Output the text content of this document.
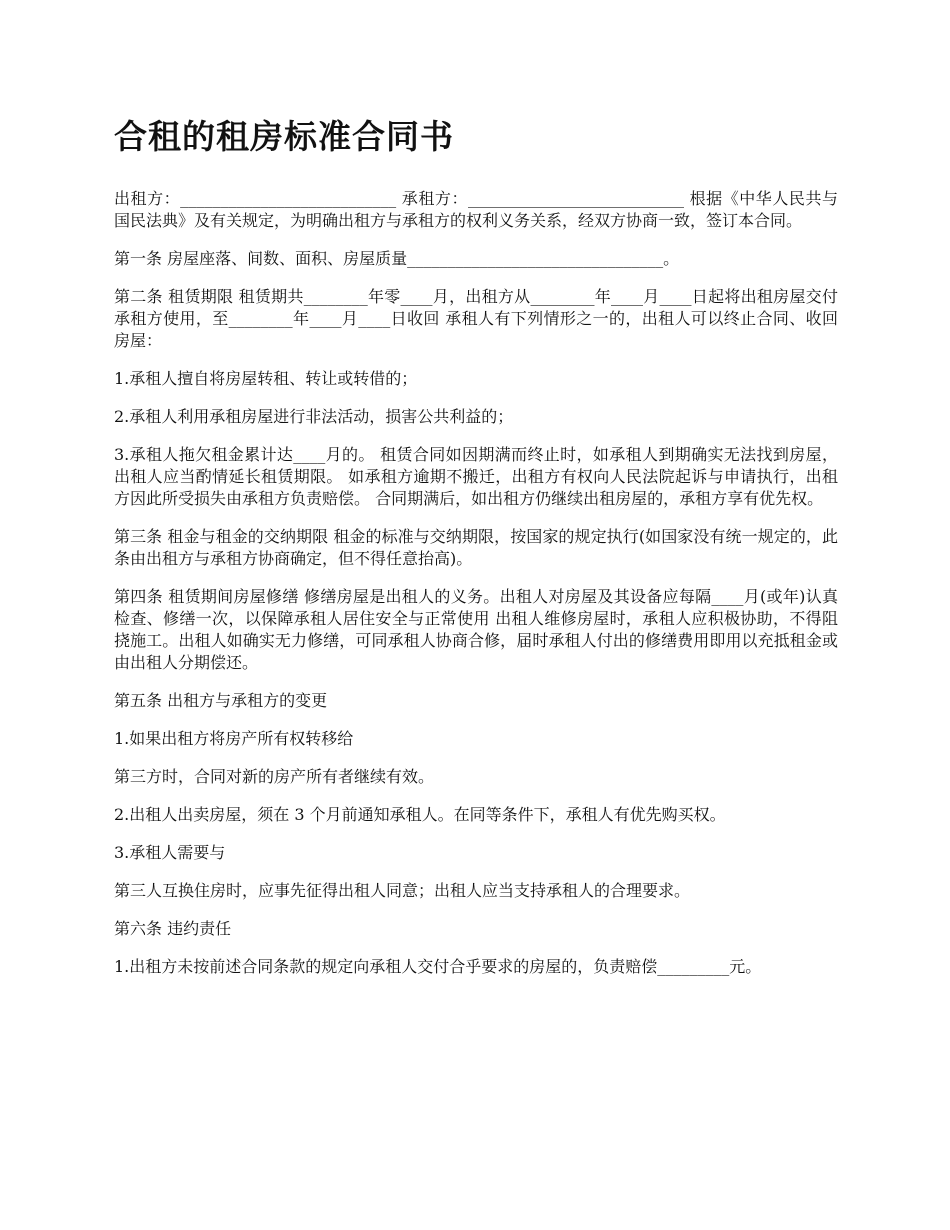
合租的租房标准合同书

出租方：___________________________ 承租方：___________________________ 根据《中华人民共与国民法典》及有关规定，为明确出租方与承租方的权利义务关系，经双方协商一致，签订本合同。

第一条 房屋座落、间数、面积、房屋质量________________________________。

第二条 租赁期限 租赁期共________年零____月，出租方从________年____月____日起将出租房屋交付承租方使用，至________年____月____日收回 承租人有下列情形之一的，出租人可以终止合同、收回房屋：

1.承租人擅自将房屋转租、转让或转借的；

2.承租人利用承租房屋进行非法活动，损害公共利益的；

3.承租人拖欠租金累计达____月的。 租赁合同如因期满而终止时，如承租人到期确实无法找到房屋，出租人应当酌情延长租赁期限。 如承租方逾期不搬迁，出租方有权向人民法院起诉与申请执行，出租方因此所受损失由承租方负责赔偿。 合同期满后，如出租方仍继续出租房屋的，承租方享有优先权。

第三条 租金与租金的交纳期限 租金的标准与交纳期限，按国家的规定执行(如国家没有统一规定的，此条由出租方与承租方协商确定，但不得任意抬高)。

第四条 租赁期间房屋修缮 修缮房屋是出租人的义务。出租人对房屋及其设备应每隔____月(或年)认真检查、修缮一次，以保障承租人居住安全与正常使用 出租人维修房屋时，承租人应积极协助，不得阻挠施工。出租人如确实无力修缮，可同承租人协商合修，届时承租人付出的修缮费用即用以充抵租金或由出租人分期偿还。

第五条 出租方与承租方的变更

1.如果出租方将房产所有权转移给

第三方时，合同对新的房产所有者继续有效。

2.出租人出卖房屋，须在 3 个月前通知承租人。在同等条件下，承租人有优先购买权。

3.承租人需要与

第三人互换住房时，应事先征得出租人同意；出租人应当支持承租人的合理要求。

第六条 违约责任

1.出租方未按前述合同条款的规定向承租人交付合乎要求的房屋的，负责赔偿_________元。
